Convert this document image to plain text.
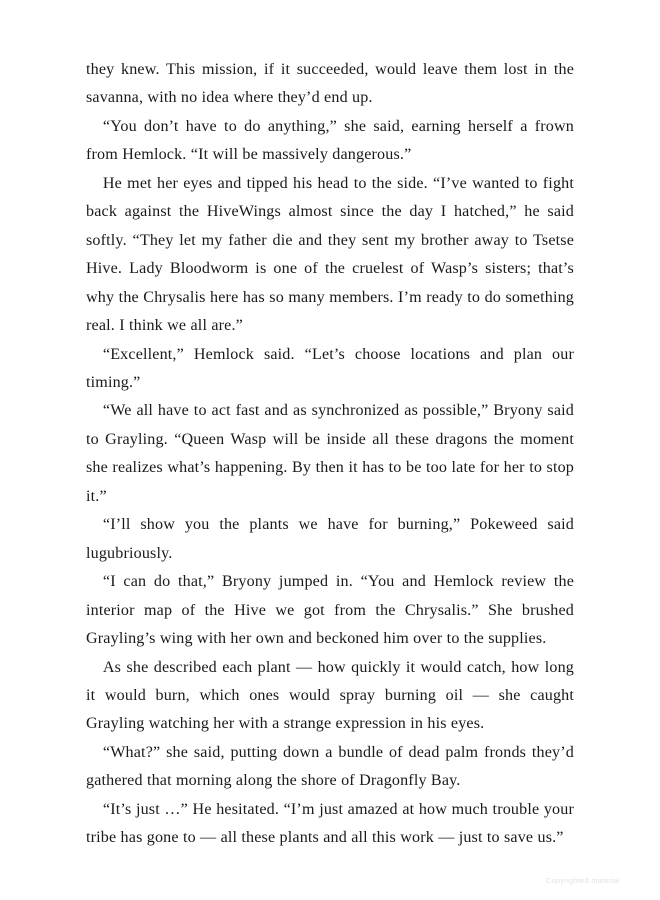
they knew. This mission, if it succeeded, would leave them lost in the savanna, with no idea where they’d end up.

“You don’t have to do anything,” she said, earning herself a frown from Hemlock. “It will be massively dangerous.”

He met her eyes and tipped his head to the side. “I’ve wanted to fight back against the HiveWings almost since the day I hatched,” he said softly. “They let my father die and they sent my brother away to Tsetse Hive. Lady Bloodworm is one of the cruelest of Wasp’s sisters; that’s why the Chrysalis here has so many members. I’m ready to do something real. I think we all are.”

“Excellent,” Hemlock said. “Let’s choose locations and plan our timing.”

“We all have to act fast and as synchronized as possible,” Bryony said to Grayling. “Queen Wasp will be inside all these dragons the moment she realizes what’s happening. By then it has to be too late for her to stop it.”

“I’ll show you the plants we have for burning,” Pokeweed said lugubriously.

“I can do that,” Bryony jumped in. “You and Hemlock review the interior map of the Hive we got from the Chrysalis.” She brushed Grayling’s wing with her own and beckoned him over to the supplies.

As she described each plant — how quickly it would catch, how long it would burn, which ones would spray burning oil — she caught Grayling watching her with a strange expression in his eyes.

“What?” she said, putting down a bundle of dead palm fronds they’d gathered that morning along the shore of Dragonfly Bay.

“It’s just …” He hesitated. “I’m just amazed at how much trouble your tribe has gone to — all these plants and all this work — just to save us.”

Copyrighted material
